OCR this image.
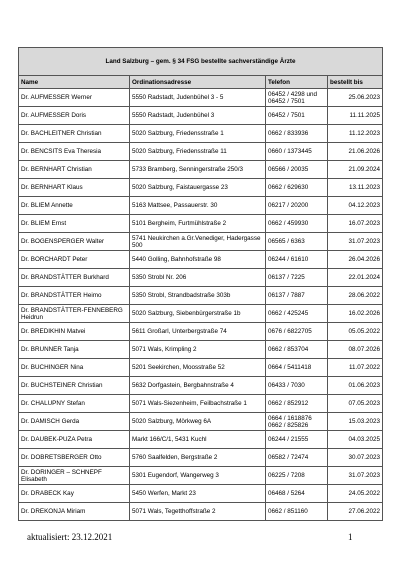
Land Salzburg – gem. § 34 FSG bestellte sachverständige Ärzte			
Name	Ordinationsadresse	Telefon	bestellt bis
Dr. AUFMESSER Werner	5550 Radstadt, Judenbühel 3 - 5	06452 / 4298 und 06452 / 7501	25.06.2023
Dr. AUFMESSER Doris	5550 Radstadt, Judenbühel 3	06452 / 7501	11.11.2025
Dr. BACHLEITNER Christian	5020 Salzburg, Friedensstraße 1	0662 / 833936	11.12.2023
Dr. BENCSITS Eva Theresia	5020 Salzburg, Friedensstraße 11	0660 / 1373445	21.06.2026
Dr. BERNHART Christian	5733 Bramberg, Senningerstraße 250/3	06566 / 20035	21.09.2024
Dr. BERNHART Klaus	5020 Salzburg, Faistauergasse 23	0662 / 629630	13.11.2023
Dr. BLIEM Annette	5163 Mattsee, Passauerstr. 30	06217 / 20200	04.12.2023
Dr. BLIEM Ernst	5101 Bergheim, Furtmühlstraße 2	0662 / 459930	16.07.2023
Dr. BOGENSPERGER Walter	5741 Neukirchen a.Gr.Venediger, Hadergasse 500	06565 / 6363	31.07.2023
Dr. BORCHARDT Peter	5440 Golling, Bahnhofstraße 98	06244 / 61610	26.04.2026
Dr. BRANDSTÄTTER Burkhard	5350 Strobl Nr. 206	06137 / 7225	22.01.2024
Dr. BRANDSTÄTTER Heimo	5350 Strobl, Strandbadstraße 303b	06137 / 7887	28.06.2022
Dr. BRANDSTÄTTER-FENNEBERG Heidrun	5020 Salzburg, Siebenbürgerstraße 1b	0662 / 425245	16.02.2026
Dr. BREDIKHIN Matvei	5611 Großarl, Unterbergstraße 74	0676 / 6822705	05.05.2022
Dr. BRUNNER Tanja	5071 Wals, Krimpling 2	0662 / 853704	08.07.2026
Dr. BUCHINGER Nina	5201 Seekirchen, Moosstraße 52	0664 / 5411418	11.07.2022
Dr. BUCHSTEINER Christian	5632 Dorfgastein, Bergbahnstraße 4	06433 / 7030	01.06.2023
Dr. CHALUPNY Stefan	5071 Wals-Siezenheim, Feilbachstraße 1	0662 / 852912	07.05.2023
Dr. DAMISCH Gerda	5020 Salzburg, Mörkweg 6A	0664 / 1618876 0662 / 825826	15.03.2023
Dr. DAUBEK-PUZA Petra	Markt 166/C/1, 5431 Kuchl	06244 / 21555	04.03.2025
Dr. DOBRETSBERGER Otto	5760 Saalfelden, Bergstraße 2	06582 / 72474	30.07.2023
Dr. DORINGER – SCHNEPF Elisabeth	5301 Eugendorf, Wangerweg 3	06225 / 7208	31.07.2023
Dr. DRABECK Kay	5450 Werfen, Markt 23	06468 / 5264	24.05.2022
Dr. DREKONJA Miriam	5071 Wals, Tegetthoffstraße 2	0662 / 851160	27.06.2022
aktualisiert: 23.12.2021	1
